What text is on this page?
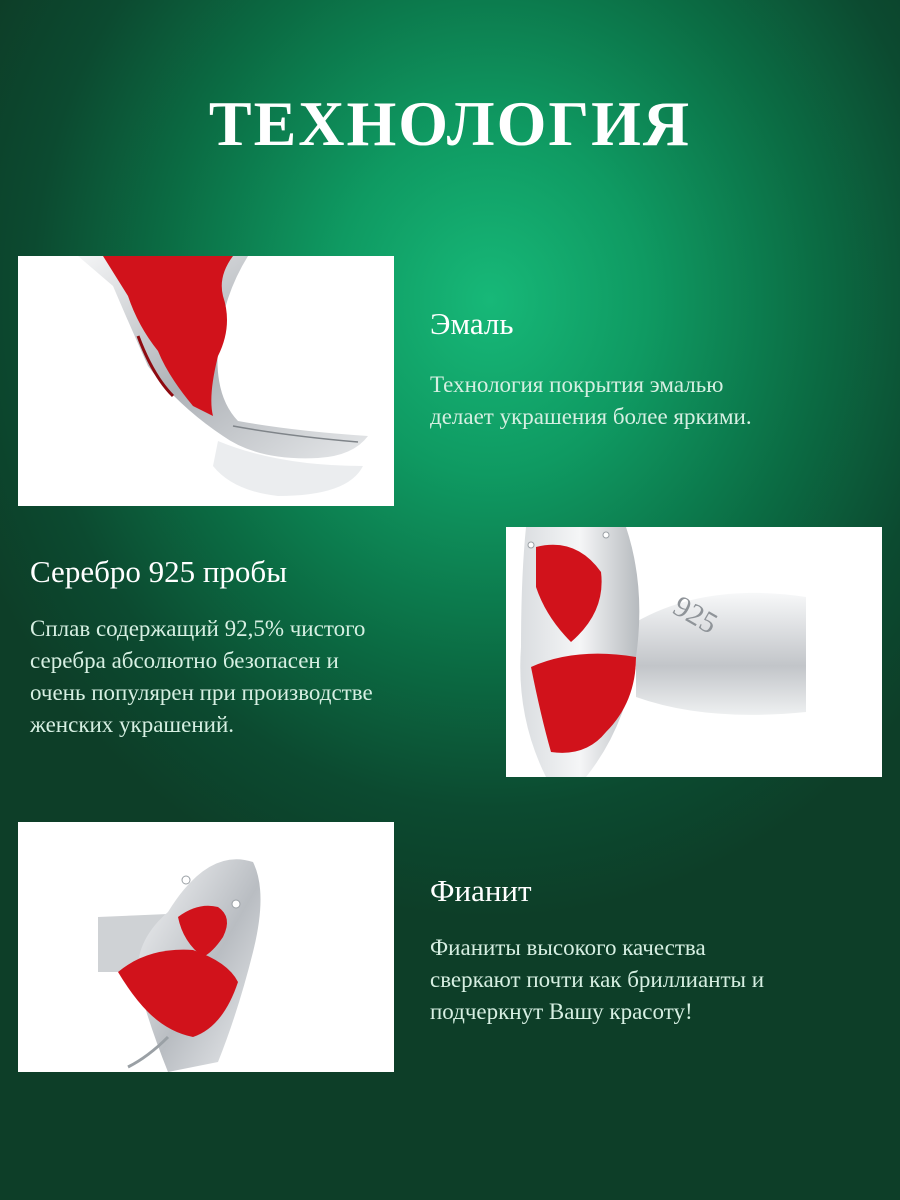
ТЕХНОЛОГИЯ
Эмаль

Технология покрытия эмалью
делает украшения более яркими.

Серебро 925 пробы

Сплав содержащий 92,5% чистого
серебра абсолютно безопасен и
очень популярен при производстве
женских украшений.

925
Фианит

Фианиты высокого качества
сверкают почти как бриллианты и
подчеркнут Вашу красоту!
